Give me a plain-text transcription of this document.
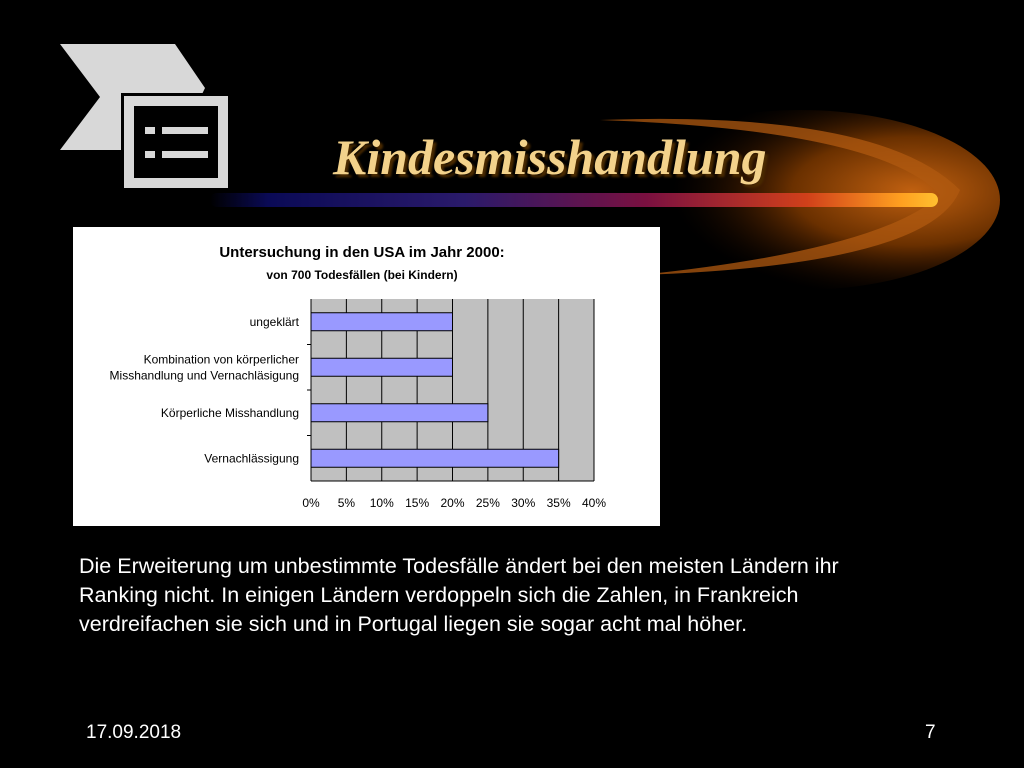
Kindesmisshandlung
Untersuchung in den USA im Jahr 2000:
von 700 Todesfällen (bei Kindern)
0% 5% 10% 15% 20% 25% 30% 35% 40%
ungeklärt
Kombination von körperlicher
Misshandlung und Vernachläsigung
Körperliche Misshandlung
Vernachlässigung
Die Erweiterung um unbestimmte Todesfälle ändert bei den meisten Ländern ihr Ranking nicht. In einigen Ländern verdoppeln sich die Zahlen, in Frankreich verdreifachen sie sich und in Portugal liegen sie sogar acht mal höher.
17.09.2018	7
